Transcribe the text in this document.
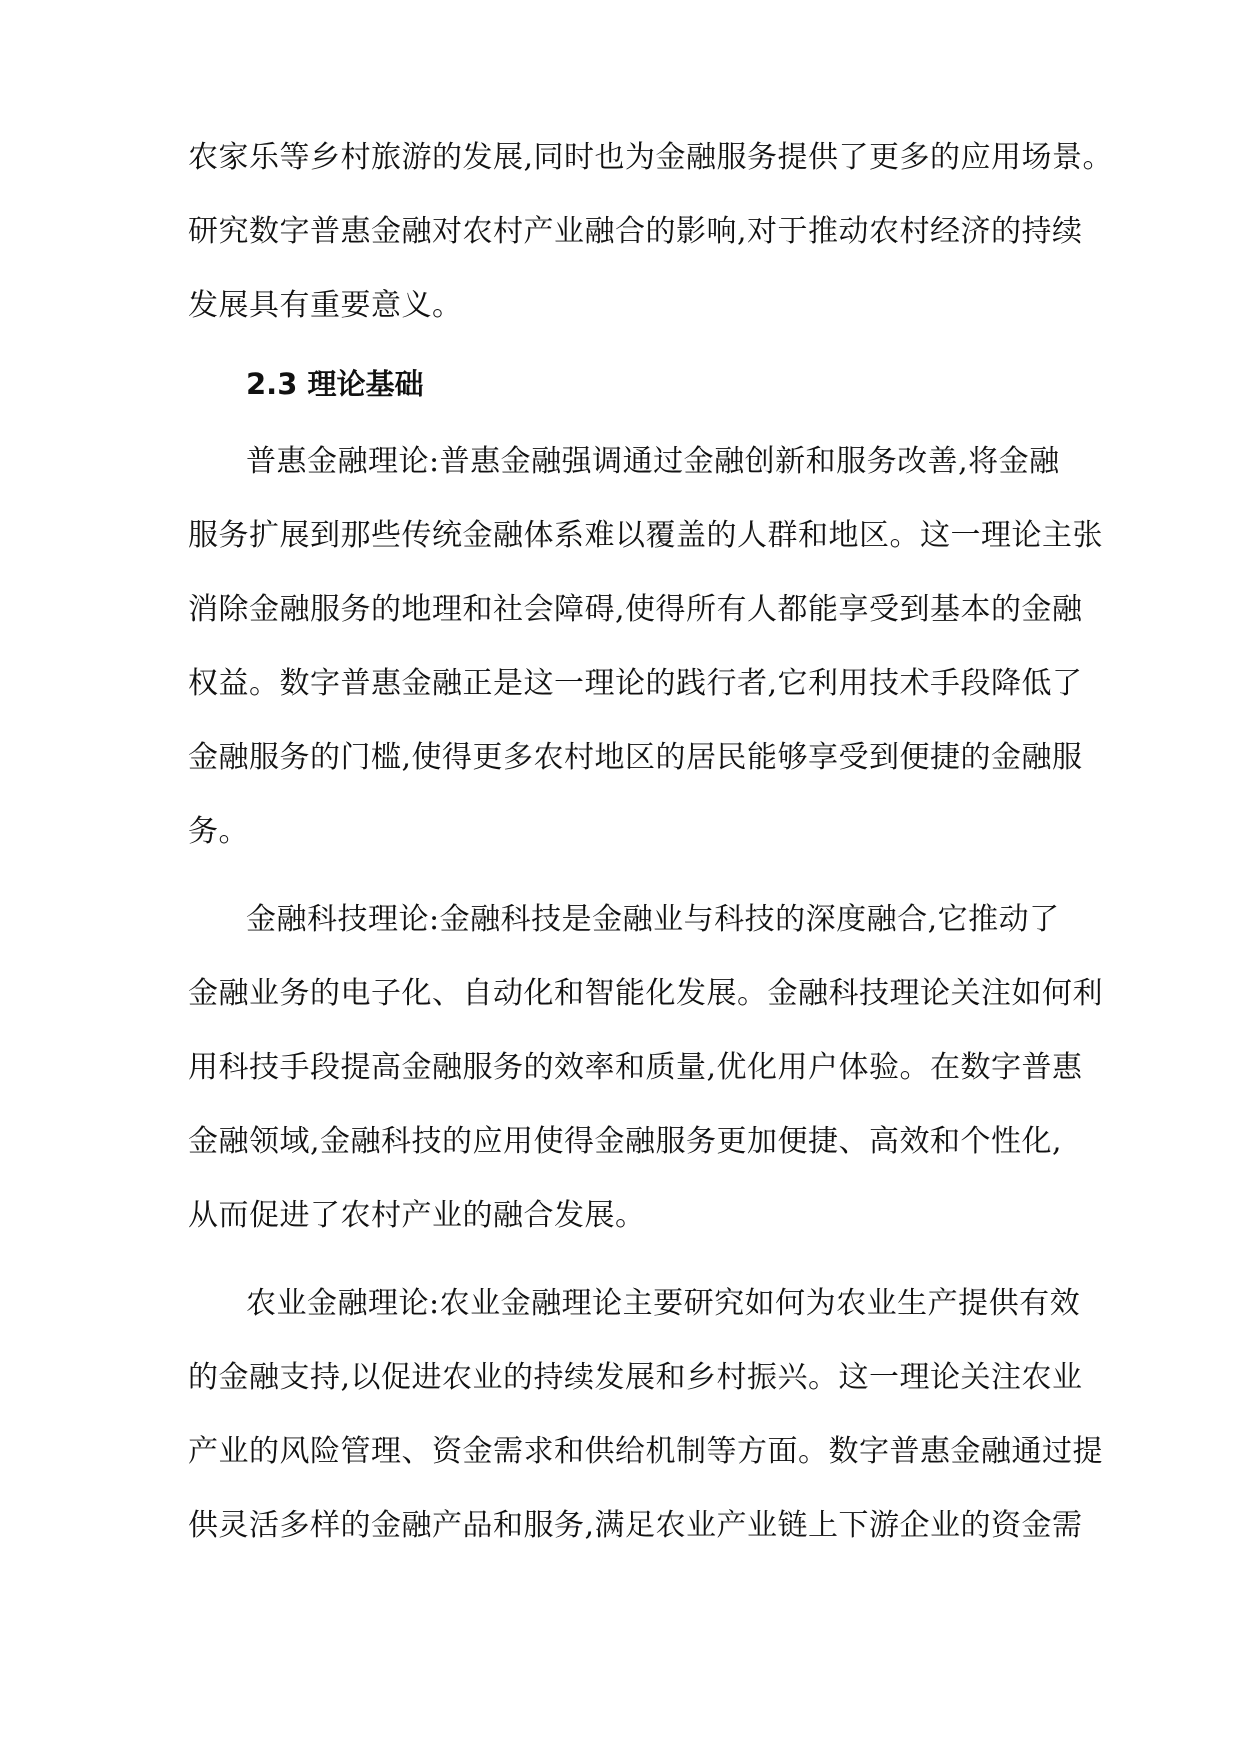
农家乐等乡村旅游的发展,同时也为金融服务提供了更多的应用场景。
研究数字普惠金融对农村产业融合的影响,对于推动农村经济的持续
发展具有重要意义。
2.3 理论基础
普惠金融理论:普惠金融强调通过金融创新和服务改善,将金融
服务扩展到那些传统金融体系难以覆盖的人群和地区。这一理论主张
消除金融服务的地理和社会障碍,使得所有人都能享受到基本的金融
权益。数字普惠金融正是这一理论的践行者,它利用技术手段降低了
金融服务的门槛,使得更多农村地区的居民能够享受到便捷的金融服
务。
金融科技理论:金融科技是金融业与科技的深度融合,它推动了
金融业务的电子化、自动化和智能化发展。金融科技理论关注如何利
用科技手段提高金融服务的效率和质量,优化用户体验。在数字普惠
金融领域,金融科技的应用使得金融服务更加便捷、高效和个性化,
从而促进了农村产业的融合发展。
农业金融理论:农业金融理论主要研究如何为农业生产提供有效
的金融支持,以促进农业的持续发展和乡村振兴。这一理论关注农业
产业的风险管理、资金需求和供给机制等方面。数字普惠金融通过提
供灵活多样的金融产品和服务,满足农业产业链上下游企业的资金需
